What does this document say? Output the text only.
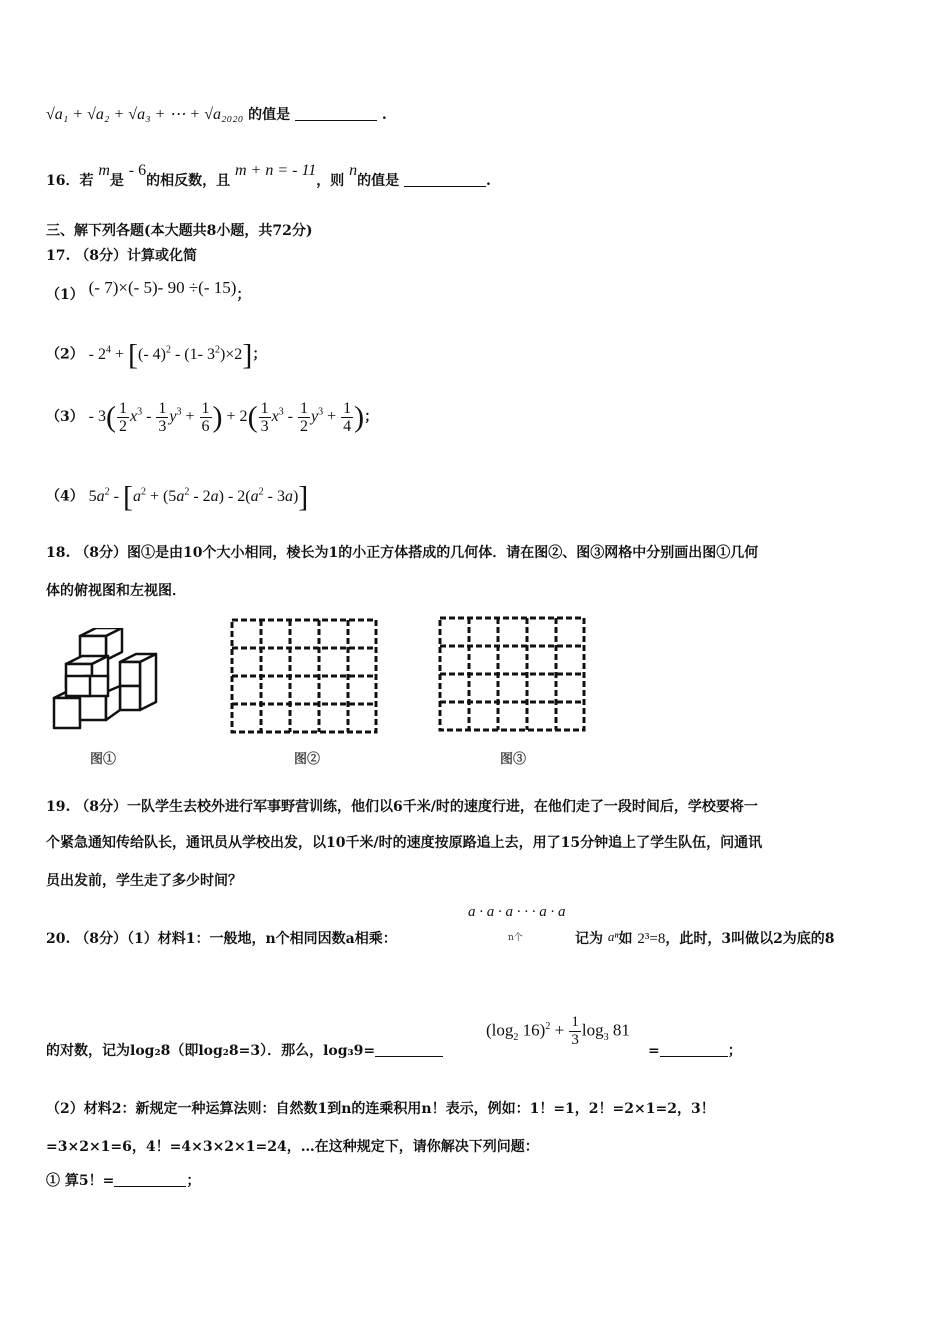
√a₁ + √a₂ + √a₃ + ⋯ + √a₂₀₂₀ 的值是	.
16．若 m是 - 6的相反数，且 m + n = - 11，则 n的值是	.
三、解下列各题(本大题共8小题，共72分)
17. （8分）计算或化简
（1） (- 7)×(- 5)- 90 ÷(- 15)；
$(2) - 2^4$ + [(- 4)$^2$ - (1- $3^2)\times 2$]；
$(3) - 3( \frac{1}{2} x^3 - \frac{1}{3} y^3 + \frac{1}{6}$ ) + $2( \frac{1}{3} x^3 - \frac{1}{2} y^3 + \frac{1}{4}$ )；
（4） $5a^2 - [a^2 + (5a^2 - 2a) - 2(a^2 - 3a)]$
18. （8分）图①是由10个大小相同，棱长为1的小正方体搭成的几何体．请在图②、图③网格中分别画出图①几何
体的俯视图和左视图．
图①	图②	图③
19. （8分）一队学生去校外进行军事野营训练，他们以6千米/时的速度行进，在他们走了一段时间后，学校要将一
个紧急通知传给队长，通讯员从学校出发，以10千米/时的速度按原路追上去，用了15分钟追上了学生队伍，问通讯
员出发前，学生走了多少时间？
20. （8分）（1）材料1：一般地，n个相同因数a相乘：
a · a · a · · · a · a
n个	记为 aⁿ如 2³=8，此时，3叫做以2为底的8
的对数，记为log₂8（即log₂8=3）．那么，log₃9=
($\log_2$ $16)^2 + \frac{1}{3} \log_3 81$
=	；
（2）材料2：新规定一种运算法则：自然数1到n的连乘积用n！表示，例如：1！=1，2！=2×1=2，3！
=3×2×1=6，4！=4×3×2×1=24，…在这种规定下，请你解决下列问题：
① 算5！=	；
